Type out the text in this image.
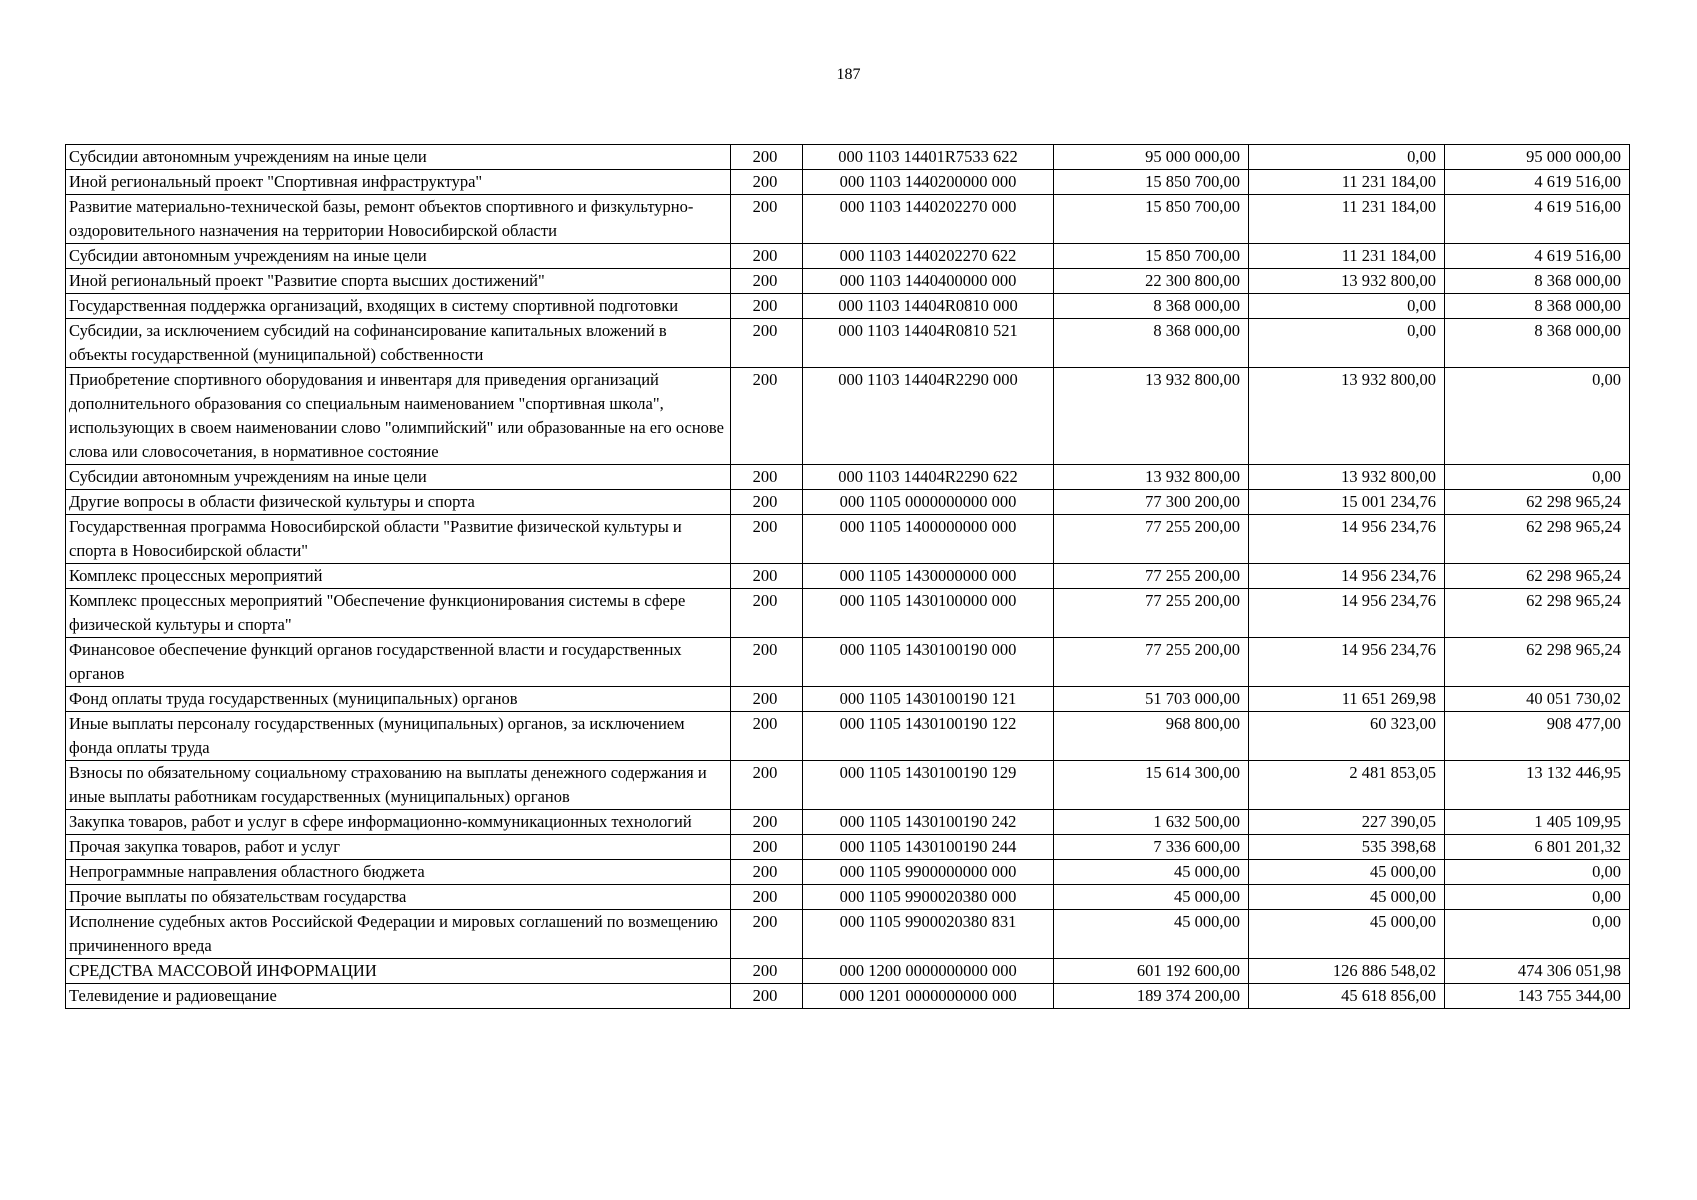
187
Субсидии автономным учреждениям на иные цели	200	000 1103 14401R7533 622	95 000 000,00	0,00	95 000 000,00
Иной региональный проект "Спортивная инфраструктура"	200	000 1103 1440200000 000	15 850 700,00	11 231 184,00	4 619 516,00
Развитие материально-технической базы, ремонт объектов спортивного и физкультурно-оздоровительного назначения на территории Новосибирской области	200	000 1103 1440202270 000	15 850 700,00	11 231 184,00	4 619 516,00
Субсидии автономным учреждениям на иные цели	200	000 1103 1440202270 622	15 850 700,00	11 231 184,00	4 619 516,00
Иной региональный проект "Развитие спорта высших достижений"	200	000 1103 1440400000 000	22 300 800,00	13 932 800,00	8 368 000,00
Государственная поддержка организаций, входящих в систему спортивной подготовки	200	000 1103 14404R0810 000	8 368 000,00	0,00	8 368 000,00
Субсидии, за исключением субсидий на софинансирование капитальных вложений в объекты государственной (муниципальной) собственности	200	000 1103 14404R0810 521	8 368 000,00	0,00	8 368 000,00
Приобретение спортивного оборудования и инвентаря для приведения организаций дополнительного образования со специальным наименованием "спортивная школа", использующих в своем наименовании слово "олимпийский" или образованные на его основе слова или словосочетания, в нормативное состояние	200	000 1103 14404R2290 000	13 932 800,00	13 932 800,00	0,00
Субсидии автономным учреждениям на иные цели	200	000 1103 14404R2290 622	13 932 800,00	13 932 800,00	0,00
Другие вопросы в области физической культуры и спорта	200	000 1105 0000000000 000	77 300 200,00	15 001 234,76	62 298 965,24
Государственная программа Новосибирской области "Развитие физической культуры и спорта в Новосибирской области"	200	000 1105 1400000000 000	77 255 200,00	14 956 234,76	62 298 965,24
Комплекс процессных мероприятий	200	000 1105 1430000000 000	77 255 200,00	14 956 234,76	62 298 965,24
Комплекс процессных мероприятий "Обеспечение функционирования системы в сфере физической культуры и спорта"	200	000 1105 1430100000 000	77 255 200,00	14 956 234,76	62 298 965,24
Финансовое обеспечение функций органов государственной власти и государственных органов	200	000 1105 1430100190 000	77 255 200,00	14 956 234,76	62 298 965,24
Фонд оплаты труда государственных (муниципальных) органов	200	000 1105 1430100190 121	51 703 000,00	11 651 269,98	40 051 730,02
Иные выплаты персоналу государственных (муниципальных) органов, за исключением фонда оплаты труда	200	000 1105 1430100190 122	968 800,00	60 323,00	908 477,00
Взносы по обязательному социальному страхованию на выплаты денежного содержания и иные выплаты работникам государственных (муниципальных) органов	200	000 1105 1430100190 129	15 614 300,00	2 481 853,05	13 132 446,95
Закупка товаров, работ и услуг в сфере информационно-коммуникационных технологий	200	000 1105 1430100190 242	1 632 500,00	227 390,05	1 405 109,95
Прочая закупка товаров, работ и услуг	200	000 1105 1430100190 244	7 336 600,00	535 398,68	6 801 201,32
Непрограммные направления областного бюджета	200	000 1105 9900000000 000	45 000,00	45 000,00	0,00
Прочие выплаты по обязательствам государства	200	000 1105 9900020380 000	45 000,00	45 000,00	0,00
Исполнение судебных актов Российской Федерации и мировых соглашений по возмещению причиненного вреда	200	000 1105 9900020380 831	45 000,00	45 000,00	0,00
СРЕДСТВА МАССОВОЙ ИНФОРМАЦИИ	200	000 1200 0000000000 000	601 192 600,00	126 886 548,02	474 306 051,98
Телевидение и радиовещание	200	000 1201 0000000000 000	189 374 200,00	45 618 856,00	143 755 344,00
